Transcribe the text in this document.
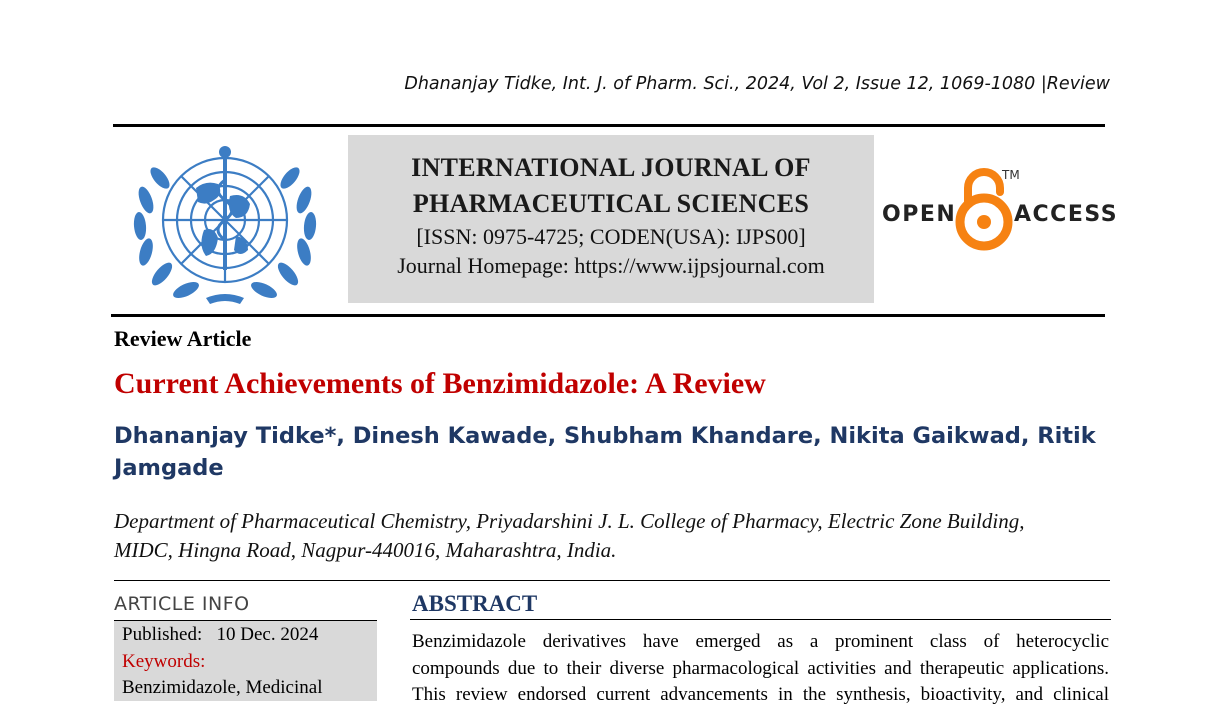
Dhananjay Tidke, Int. J. of Pharm. Sci., 2024, Vol 2, Issue 12, 1069-1080 |Review
INTERNATIONAL JOURNAL OF
PHARMACEUTICAL SCIENCES
[ISSN: 0975-4725; CODEN(USA): IJPS00]
Journal Homepage: https://www.ijpsjournal.com
OPEN
TM
ACCESS
Review Article
Current Achievements of Benzimidazole: A Review
Dhananjay Tidke*, Dinesh Kawade, Shubham Khandare, Nikita Gaikwad, Ritik
Jamgade
Department of Pharmaceutical Chemistry, Priyadarshini J. L. College of Pharmacy, Electric Zone Building,
MIDC, Hingna Road, Nagpur-440016, Maharashtra, India.
ARTICLE INFO
Published:   10 Dec. 2024
Keywords:
Benzimidazole, Medicinal
ABSTRACT
Benzimidazole derivatives have emerged as a prominent class of heterocyclic
compounds due to their diverse pharmacological activities and therapeutic applications.
This review endorsed current advancements in the synthesis, bioactivity, and clinical
